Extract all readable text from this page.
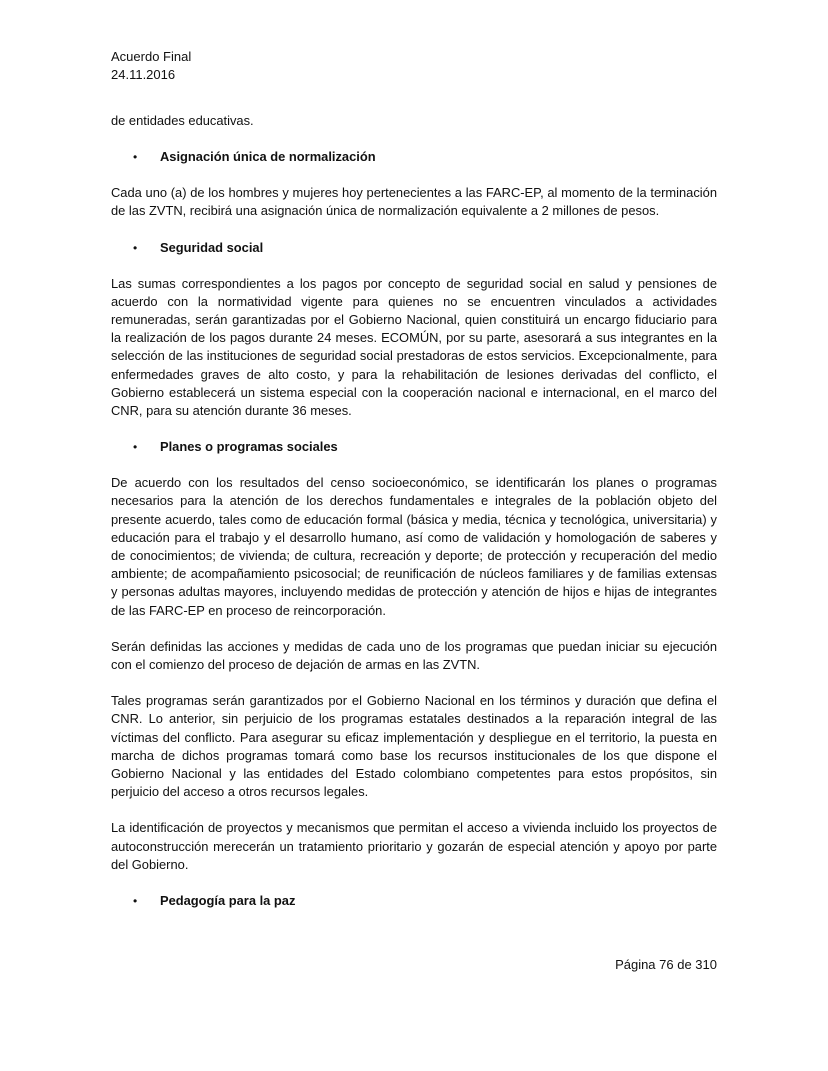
Acuerdo Final
24.11.2016

de entidades educativas.

•	Asignación única de normalización

Cada uno (a) de los hombres y mujeres hoy pertenecientes a las FARC-EP, al momento de la terminación de las ZVTN, recibirá una asignación única de normalización equivalente a 2 millones de pesos.

•	Seguridad social

Las sumas correspondientes a los pagos por concepto de seguridad social en salud y pensiones de acuerdo con la normatividad vigente para quienes no se encuentren vinculados a actividades remuneradas, serán garantizadas por el Gobierno Nacional, quien constituirá un encargo fiduciario para la realización de los pagos durante 24 meses. ECOMÚN, por su parte, asesorará a sus integrantes en la selección de las instituciones de seguridad social prestadoras de estos servicios. Excepcionalmente, para enfermedades graves de alto costo, y para la rehabilitación de lesiones derivadas del conflicto, el Gobierno establecerá un sistema especial con la cooperación nacional e internacional, en el marco del CNR, para su atención durante 36 meses.

•	Planes o programas sociales

De acuerdo con los resultados del censo socioeconómico, se identificarán los planes o programas necesarios para la atención de los derechos fundamentales e integrales de la población objeto del presente acuerdo, tales como de educación formal (básica y media, técnica y tecnológica, universitaria) y educación para el trabajo y el desarrollo humano, así como de validación y homologación de saberes y de conocimientos; de vivienda; de cultura, recreación y deporte; de protección y recuperación del medio ambiente; de acompañamiento psicosocial; de reunificación de núcleos familiares y de familias extensas y personas adultas mayores, incluyendo medidas de protección y atención de hijos e hijas de integrantes de las FARC-EP en proceso de reincorporación.

Serán definidas las acciones y medidas de cada uno de los programas que puedan iniciar su ejecución con el comienzo del proceso de dejación de armas en las ZVTN.

Tales programas serán garantizados por el Gobierno Nacional en los términos y duración que defina el CNR. Lo anterior, sin perjuicio de los programas estatales destinados a la reparación integral de las víctimas del conflicto. Para asegurar su eficaz implementación y despliegue en el territorio, la puesta en marcha de dichos programas tomará como base los recursos institucionales de los que dispone el Gobierno Nacional y las entidades del Estado colombiano competentes para estos propósitos, sin perjuicio del acceso a otros recursos legales.

La identificación de proyectos y mecanismos que permitan el acceso a vivienda incluido los proyectos de autoconstrucción merecerán un tratamiento prioritario y gozarán de especial atención y apoyo por parte del Gobierno.

•	Pedagogía para la paz
Página 76 de 310
